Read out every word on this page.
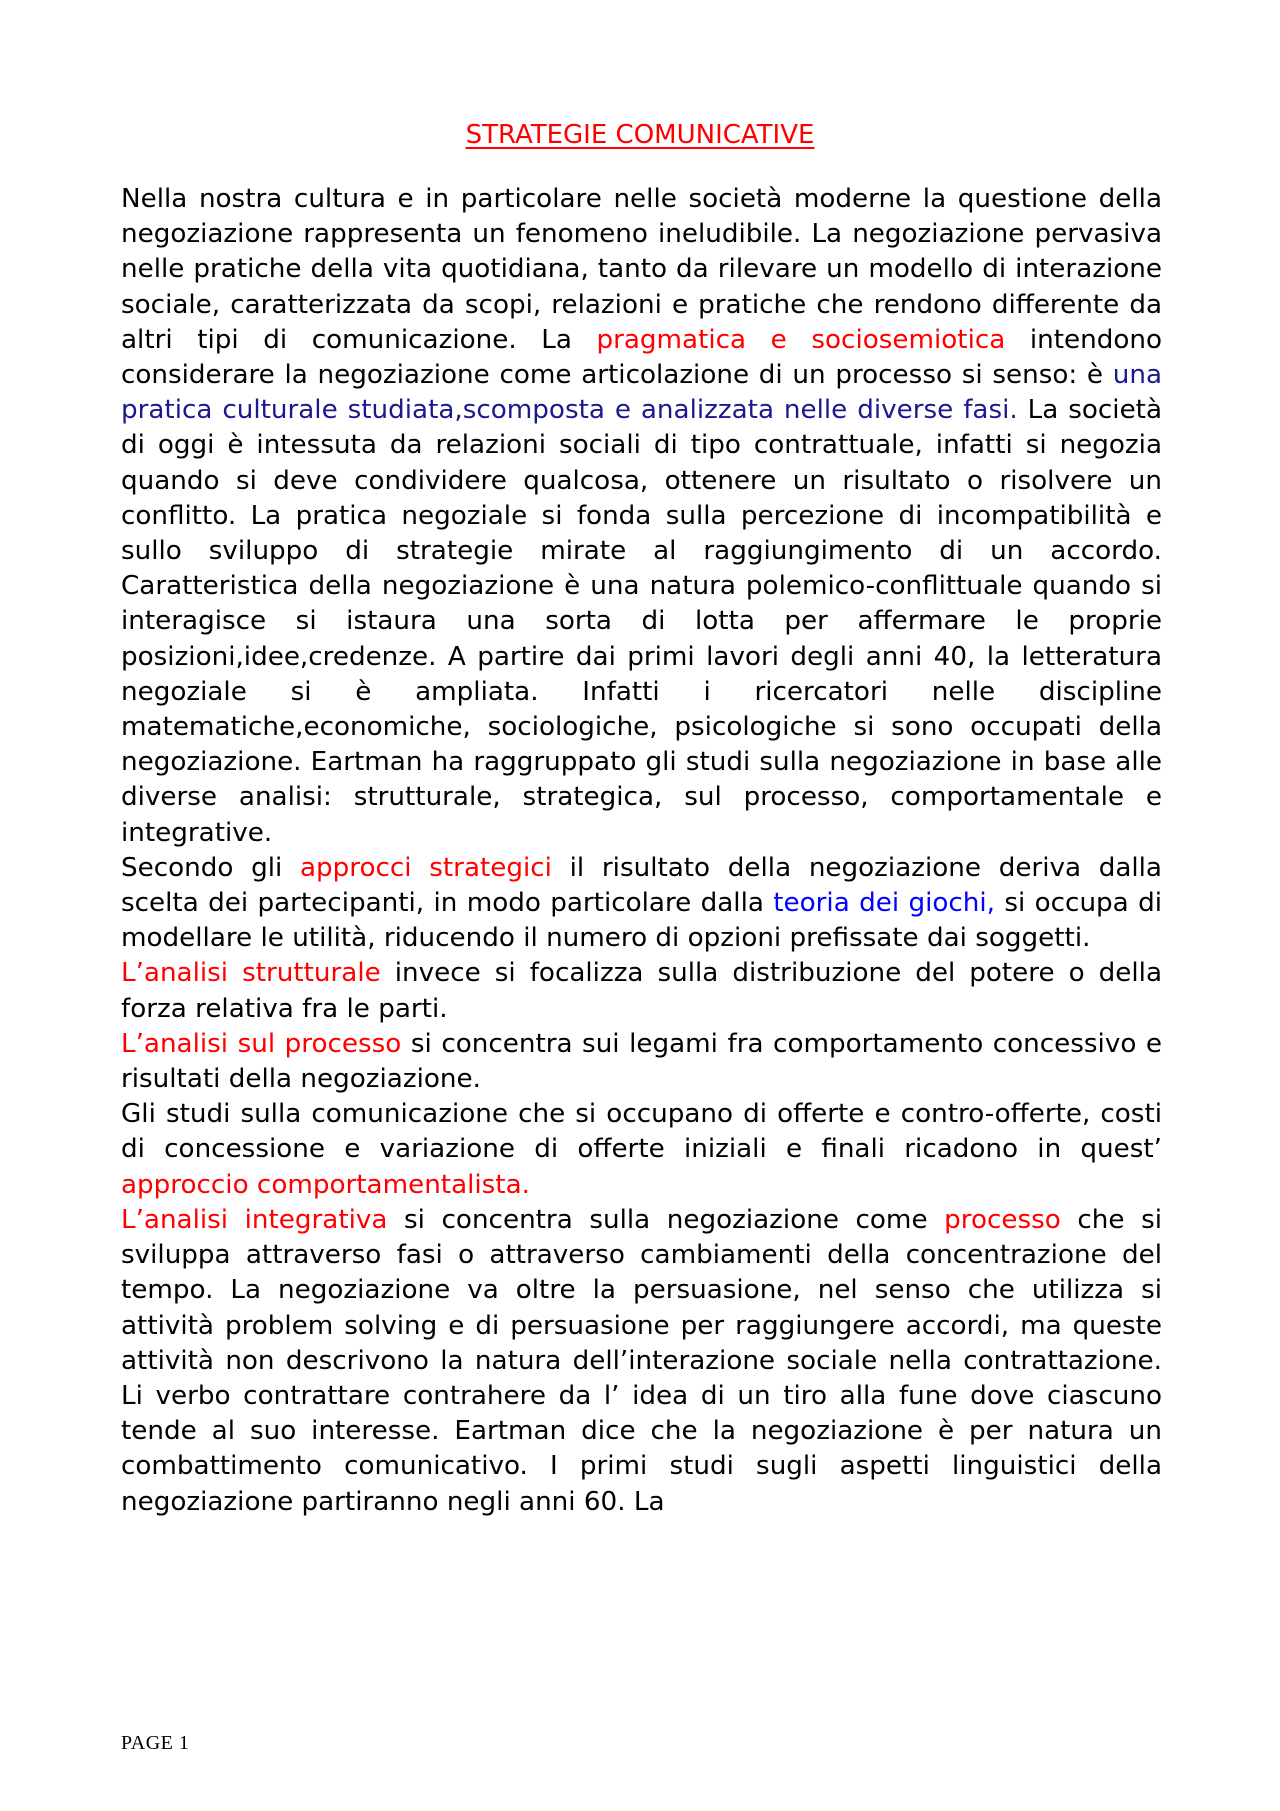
STRATEGIE COMUNICATIVE

Nella nostra cultura e in particolare nelle società moderne la questione della negoziazione rappresenta un fenomeno ineludibile. La negoziazione pervasiva nelle pratiche della vita quotidiana, tanto da rilevare un modello di interazione sociale, caratterizzata da scopi, relazioni e pratiche che rendono differente da altri tipi di comunicazione. La pragmatica e sociosemiotica intendono considerare la negoziazione come articolazione di un processo si senso: è una pratica culturale studiata,scomposta e analizzata nelle diverse fasi. La società di oggi è intessuta da relazioni sociali di tipo contrattuale, infatti si negozia quando si deve condividere qualcosa, ottenere un risultato o risolvere un conflitto. La pratica negoziale si fonda sulla percezione di incompatibilità e sullo sviluppo di strategie mirate al raggiungimento di un accordo. Caratteristica della negoziazione è una natura polemico-conflittuale quando si interagisce si istaura una sorta di lotta per affermare le proprie posizioni,idee,credenze. A partire dai primi lavori degli anni 40, la letteratura negoziale si è ampliata. Infatti i ricercatori nelle discipline matematiche,economiche, sociologiche, psicologiche si sono occupati della negoziazione. Eartman ha raggruppato gli studi sulla negoziazione in base alle diverse analisi: strutturale, strategica, sul processo, comportamentale e integrative.

Secondo gli approcci strategici il risultato della negoziazione deriva dalla scelta dei partecipanti, in modo particolare dalla teoria dei giochi, si occupa di modellare le utilità, riducendo il numero di opzioni prefissate dai soggetti.

L’analisi strutturale invece si focalizza sulla distribuzione del potere o della forza relativa fra le parti.

L’analisi sul processo si concentra sui legami fra comportamento concessivo e risultati della negoziazione.

Gli studi sulla comunicazione che si occupano di offerte e contro-offerte, costi di concessione e variazione di offerte iniziali e finali ricadono in quest’ approccio comportamentalista.

L’analisi integrativa si concentra sulla negoziazione come processo che si sviluppa attraverso fasi o attraverso cambiamenti della concentrazione del tempo. La negoziazione va oltre la persuasione, nel senso che utilizza si attività problem solving e di persuasione per raggiungere accordi, ma queste attività non descrivono la natura dell’interazione sociale nella contrattazione. Li verbo contrattare contrahere da l’ idea di un tiro alla fune dove ciascuno tende al suo interesse. Eartman dice che la negoziazione è per natura un combattimento comunicativo. I primi studi sugli aspetti linguistici della negoziazione partiranno negli anni 60. La

PAGE 1
